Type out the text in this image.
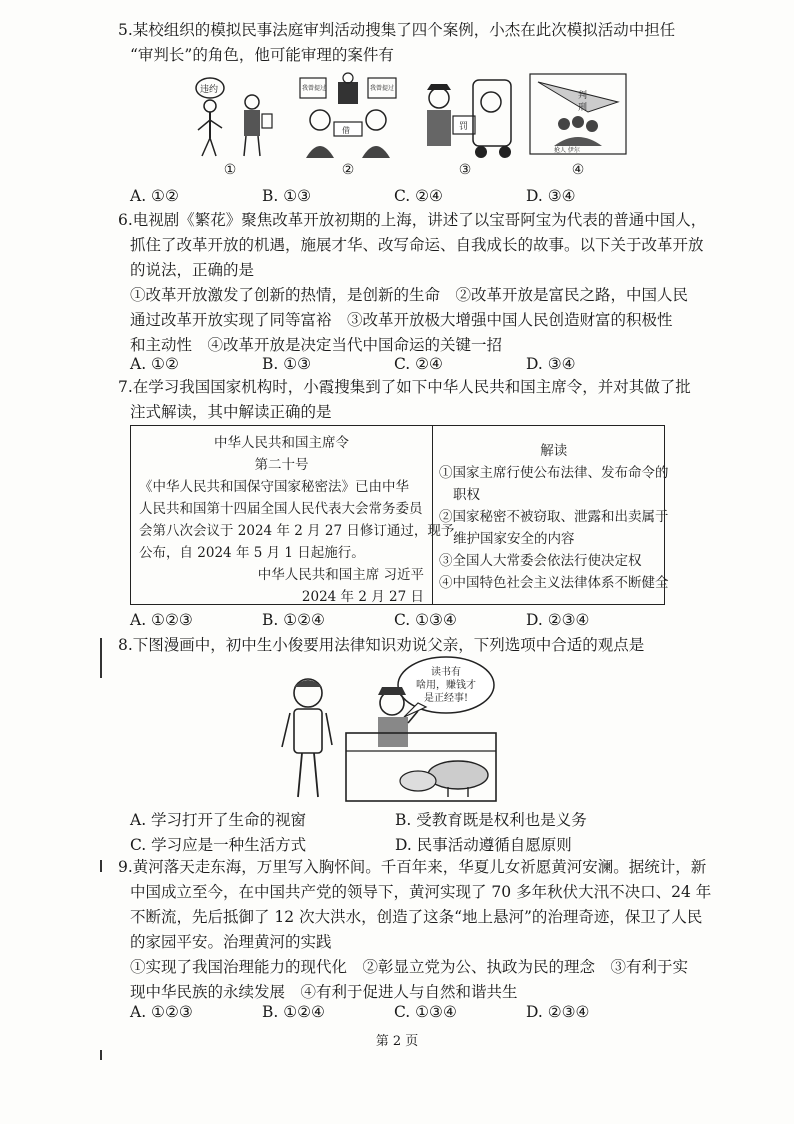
5.某校组织的模拟民事法庭审判活动搜集了四个案例，小杰在此次模拟活动中担任
“审判长”的角色，他可能审理的案件有
违约
①
我曾提过	我曾提过
借
②
罚
③
判
刑
抢人 伊尔
④
A. ①②	B. ①③	C. ②④	D. ③④
6.电视剧《繁花》聚焦改革开放初期的上海，讲述了以宝哥阿宝为代表的普通中国人，
抓住了改革开放的机遇，施展才华、改写命运、自我成长的故事。以下关于改革开放
的说法，正确的是
①改革开放激发了创新的热情，是创新的生命　②改革开放是富民之路，中国人民
通过改革开放实现了同等富裕　③改革开放极大增强中国人民创造财富的积极性
和主动性　④改革开放是决定当代中国命运的关键一招
A. ①②	B. ①③	C. ②④	D. ③④
7.在学习我国国家机构时，小霞搜集到了如下中华人民共和国主席令，并对其做了批
注式解读，其中解读正确的是
中华人民共和国主席令
第二十号
《中华人民共和国保守国家秘密法》已由中华
人民共和国第十四届全国人民代表大会常务委员
会第八次会议于 2024 年 2 月 27 日修订通过，现予
公布，自 2024 年 5 月 1 日起施行。
中华人民共和国主席 习近平
2024 年 2 月 27 日
解读
①国家主席行使公布法律、发布命令的
职权
②国家秘密不被窃取、泄露和出卖属于
维护国家安全的内容
③全国人大常委会依法行使决定权
④中国特色社会主义法律体系不断健全
A. ①②③	B. ①②④	C. ①③④	D. ②③④
8.下图漫画中，初中生小俊要用法律知识劝说父亲，下列选项中合适的观点是
读书有
啥用，赚钱才
是正经事!
A. 学习打开了生命的视窗	B. 受教育既是权利也是义务
C. 学习应是一种生活方式	D. 民事活动遵循自愿原则
9.黄河落天走东海，万里写入胸怀间。千百年来，华夏儿女祈愿黄河安澜。据统计，新
中国成立至今，在中国共产党的领导下，黄河实现了 70 多年秋伏大汛不决口、24 年
不断流，先后抵御了 12 次大洪水，创造了这条“地上悬河”的治理奇迹，保卫了人民
的家园平安。治理黄河的实践
①实现了我国治理能力的现代化　②彰显立党为公、执政为民的理念　③有利于实
现中华民族的永续发展　④有利于促进人与自然和谐共生
A. ①②③	B. ①②④	C. ①③④	D. ②③④
第 2 页
